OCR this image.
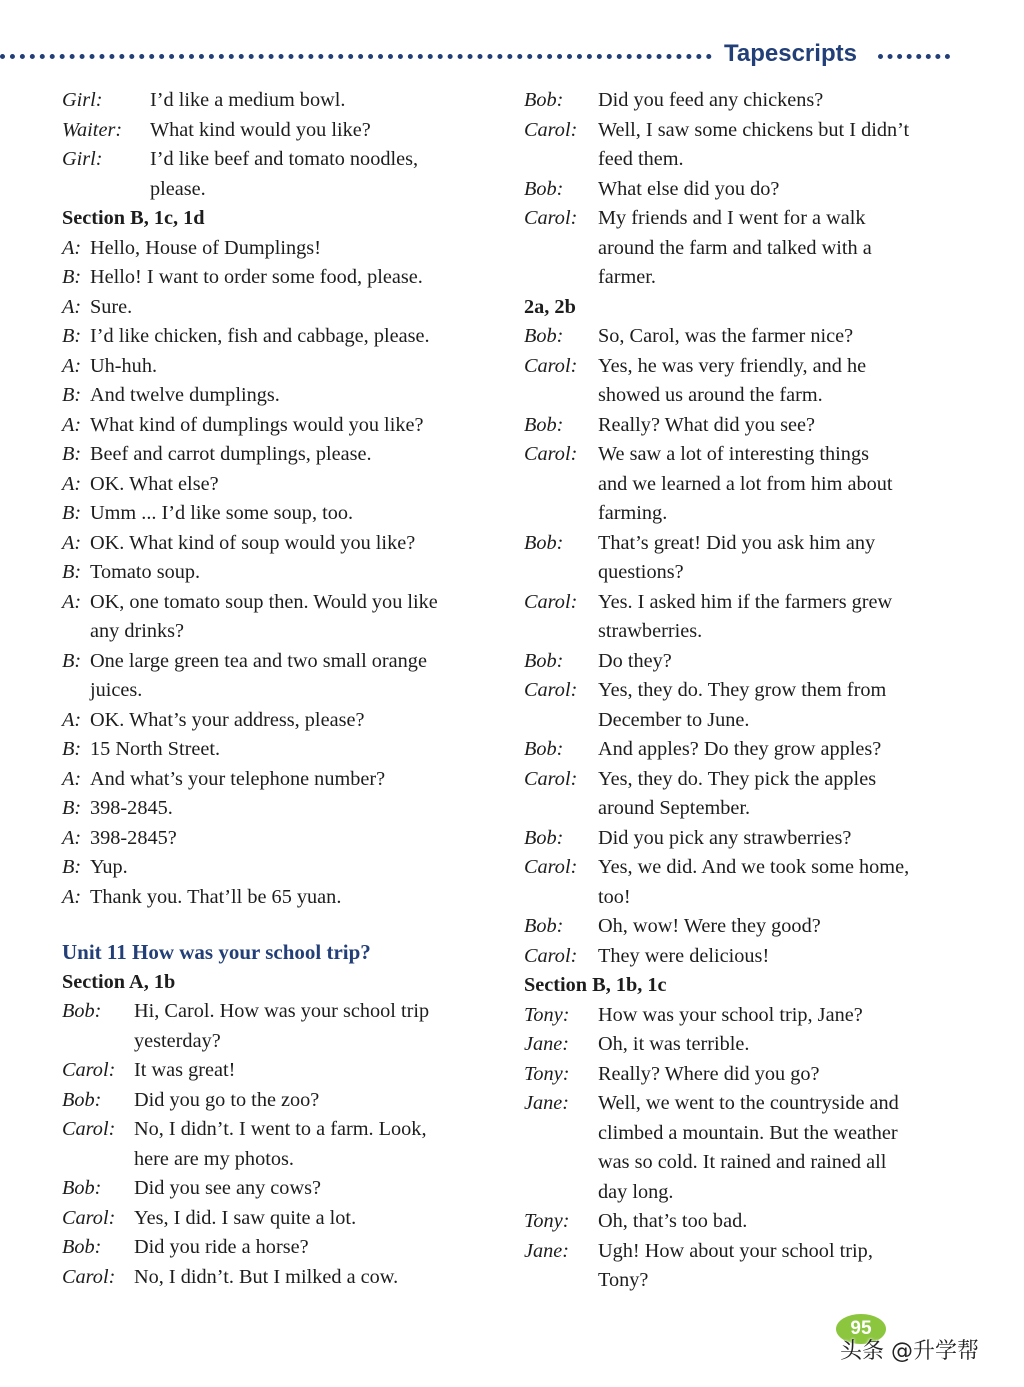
Tapescripts
Girl:	I’d like a medium bowl.
Waiter:	What kind would you like?
Girl:	I’d like beef and tomato noodles,
please.
Section B, 1c, 1d
A: Hello, House of Dumplings!
B: Hello! I want to order some food, please.
A: Sure.
B: I’d like chicken, fish and cabbage, please.
A: Uh-huh.
B: And twelve dumplings.
A: What kind of dumplings would you like?
B: Beef and carrot dumplings, please.
A: OK. What else?
B: Umm ... I’d like some soup, too.
A: OK. What kind of soup would you like?
B: Tomato soup.
A: OK, one tomato soup then. Would you like
any drinks?
B: One large green tea and two small orange
juices.
A: OK. What’s your address, please?
B: 15 North Street.
A: And what’s your telephone number?
B: 398-2845.
A: 398-2845?
B: Yup.
A: Thank you. That’ll be 65 yuan.
Unit 11 How was your school trip?
Section A, 1b
Bob:	Hi, Carol. How was your school trip
yesterday?
Carol: It was great!
Bob:	Did you go to the zoo?
Carol: No, I didn’t. I went to a farm. Look,
here are my photos.
Bob:	Did you see any cows?
Carol: Yes, I did. I saw quite a lot.
Bob:	Did you ride a horse?
Carol: No, I didn’t. But I milked a cow.
Bob:	Did you feed any chickens?
Carol:	Well, I saw some chickens but I didn’t
feed them.
Bob:	What else did you do?
Carol:	My friends and I went for a walk
around the farm and talked with a
farmer.
2a, 2b
Bob:	So, Carol, was the farmer nice?
Carol:	Yes, he was very friendly, and he
showed us around the farm.
Bob:	Really? What did you see?
Carol:	We saw a lot of interesting things
and we learned a lot from him about
farming.
Bob:	That’s great! Did you ask him any
questions?
Carol:	Yes. I asked him if the farmers grew
strawberries.
Bob:	Do they?
Carol:	Yes, they do. They grow them from
December to June.
Bob:	And apples? Do they grow apples?
Carol:	Yes, they do. They pick the apples
around September.
Bob:	Did you pick any strawberries?
Carol:	Yes, we did. And we took some home,
too!
Bob:	Oh, wow! Were they good?
Carol:	They were delicious!
Section B, 1b, 1c
Tony:	How was your school trip, Jane?
Jane:	Oh, it was terrible.
Tony:	Really? Where did you go?
Jane:	Well, we went to the countryside and
climbed a mountain. But the weather
was so cold. It rained and rained all
day long.
Tony:	Oh, that’s too bad.
Jane:	Ugh! How about your school trip,
Tony?
95
头条 @升学帮
